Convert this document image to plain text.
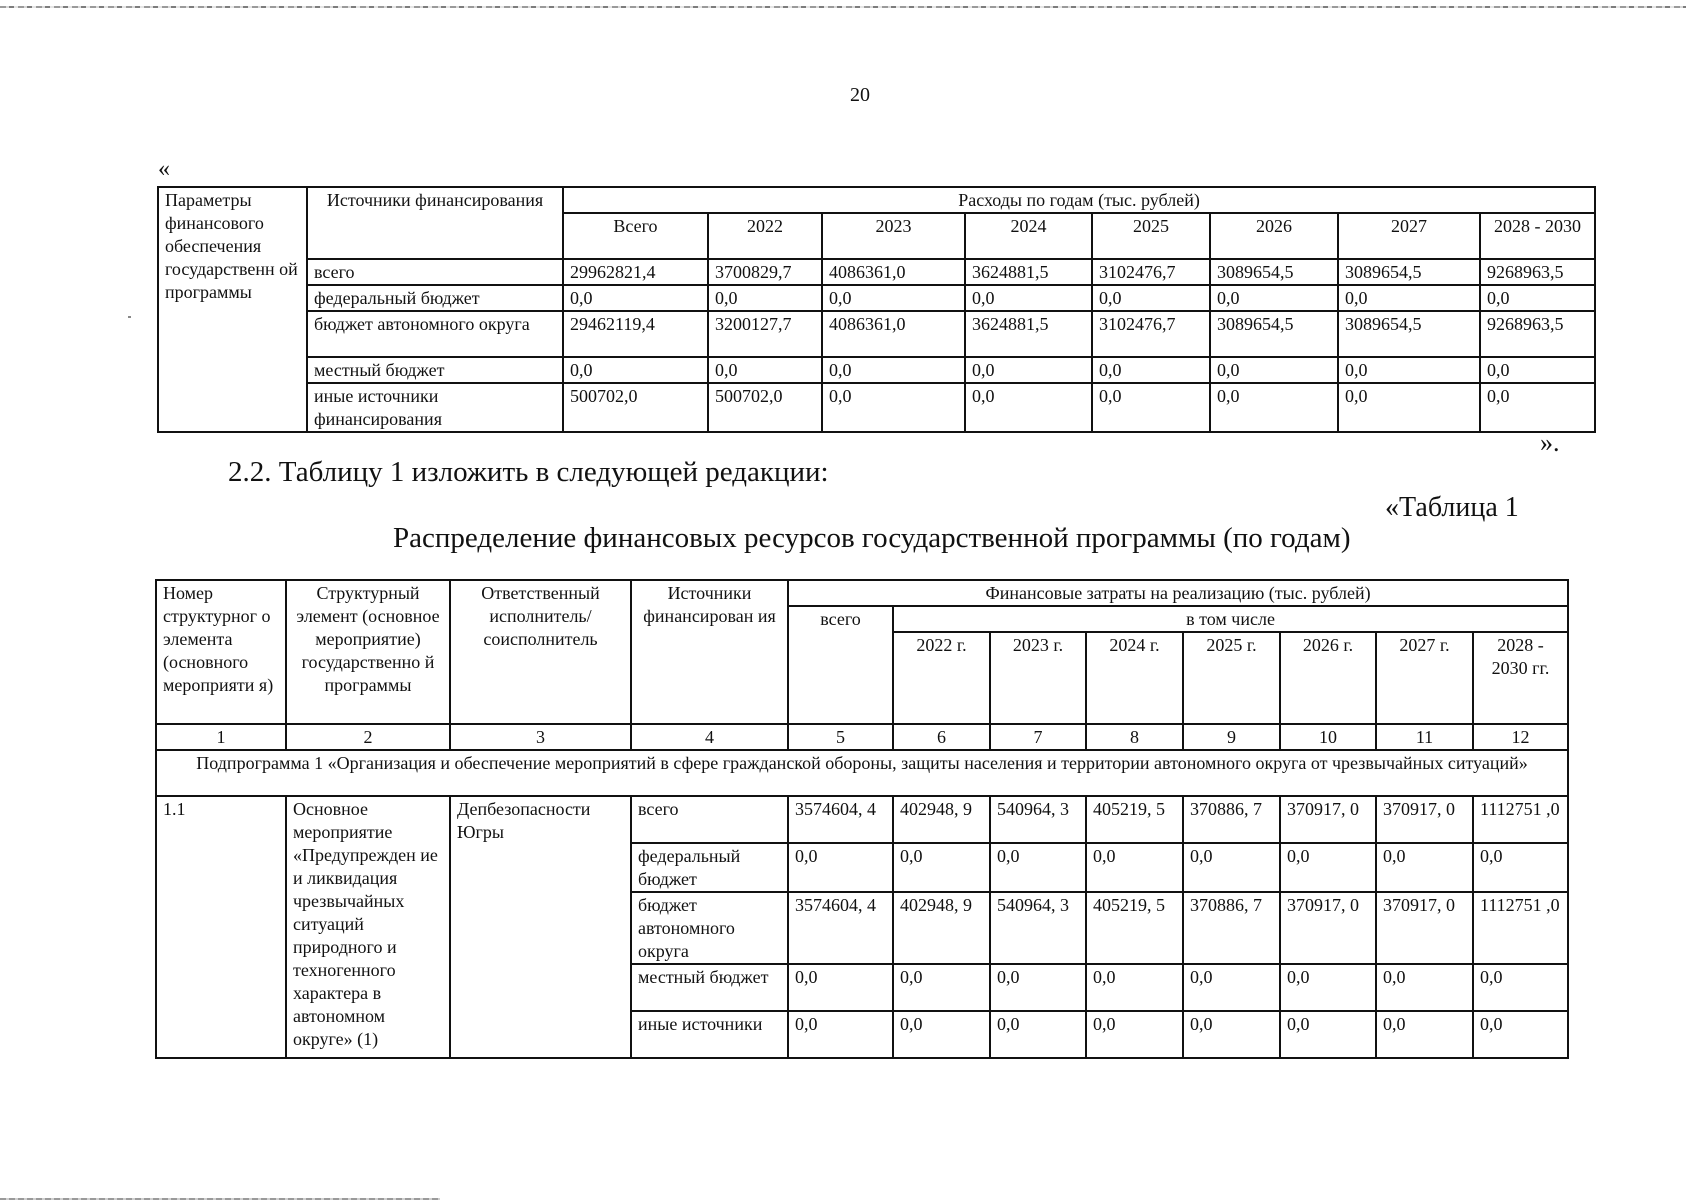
20
«
Параметры финансового обеспечения государственн ой программы	Источники финансирования	Расходы по годам (тыс. рублей)							
		Всего	2022	2023	2024	2025	2026	2027	2028 - 2030
	всего	29962821,4	3700829,7	4086361,0	3624881,5	3102476,7	3089654,5	3089654,5	9268963,5
	федеральный бюджет	0,0	0,0	0,0	0,0	0,0	0,0	0,0	0,0
	бюджет автономного округа	29462119,4	3200127,7	4086361,0	3624881,5	3102476,7	3089654,5	3089654,5	9268963,5
	местный бюджет	0,0	0,0	0,0	0,0	0,0	0,0	0,0	0,0
	иные источники финансирования	500702,0	500702,0	0,0	0,0	0,0	0,0	0,0	0,0
».
2.2. Таблицу 1 изложить в следующей редакции:
«Таблица 1
Распределение финансовых ресурсов государственной программы (по годам)
Номер структурног о элемента (основного мероприяти я)	Структурный элемент (основное мероприятие) государственно й программы	Ответственный исполнитель/ соисполнитель	Источники финансирован ия	Финансовые затраты на реализацию (тыс. рублей)							
				всего	в том числе						
					2022 г.	2023 г.	2024 г.	2025 г.	2026 г.	2027 г.	2028 - 2030 гг.
1	2	3	4	5	6	7	8	9	10	11	12
Подпрограмма 1 «Организация и обеспечение мероприятий в сфере гражданской обороны, защиты населения и территории автономного округа от чрезвычайных ситуаций»											
1.1	Основное мероприятие «Предупрежден ие и ликвидация чрезвычайных ситуаций природного и техногенного характера в автономном округе» (1)	Депбезопасности Югры	всего	3574604, 4	402948, 9	540964, 3	405219, 5	370886, 7	370917, 0	370917, 0	1112751 ,0
			федеральный бюджет	0,0	0,0	0,0	0,0	0,0	0,0	0,0	0,0
			бюджет автономного округа	3574604, 4	402948, 9	540964, 3	405219, 5	370886, 7	370917, 0	370917, 0	1112751 ,0
			местный бюджет	0,0	0,0	0,0	0,0	0,0	0,0	0,0	0,0
			иные источники	0,0	0,0	0,0	0,0	0,0	0,0	0,0	0,0
